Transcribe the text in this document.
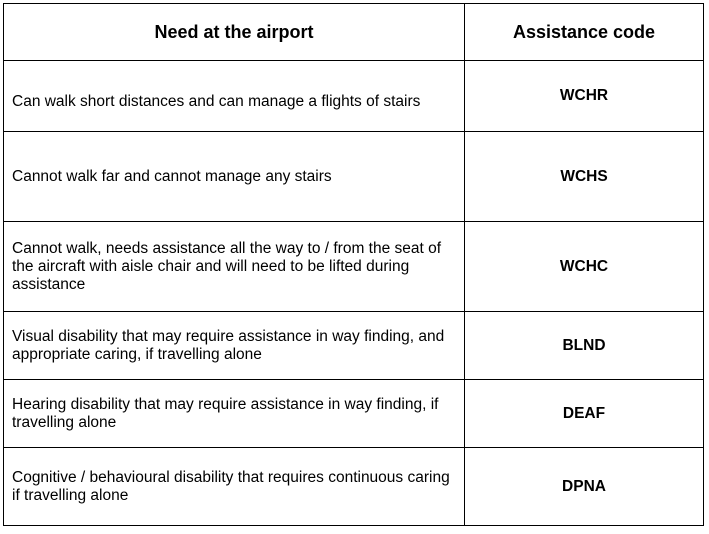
Need at the airport	Assistance code
Can walk short distances and can manage a flights of stairs	WCHR
Cannot walk far and cannot manage any stairs	WCHS
Cannot walk, needs assistance all the way to / from the seat of the aircraft with aisle chair and will need to be lifted during assistance	WCHC
Visual disability that may require assistance in way finding, and appropriate caring, if travelling alone	BLND
Hearing disability that may require assistance in way finding, if travelling alone	DEAF
Cognitive / behavioural disability that requires continuous caring if travelling alone	DPNA
